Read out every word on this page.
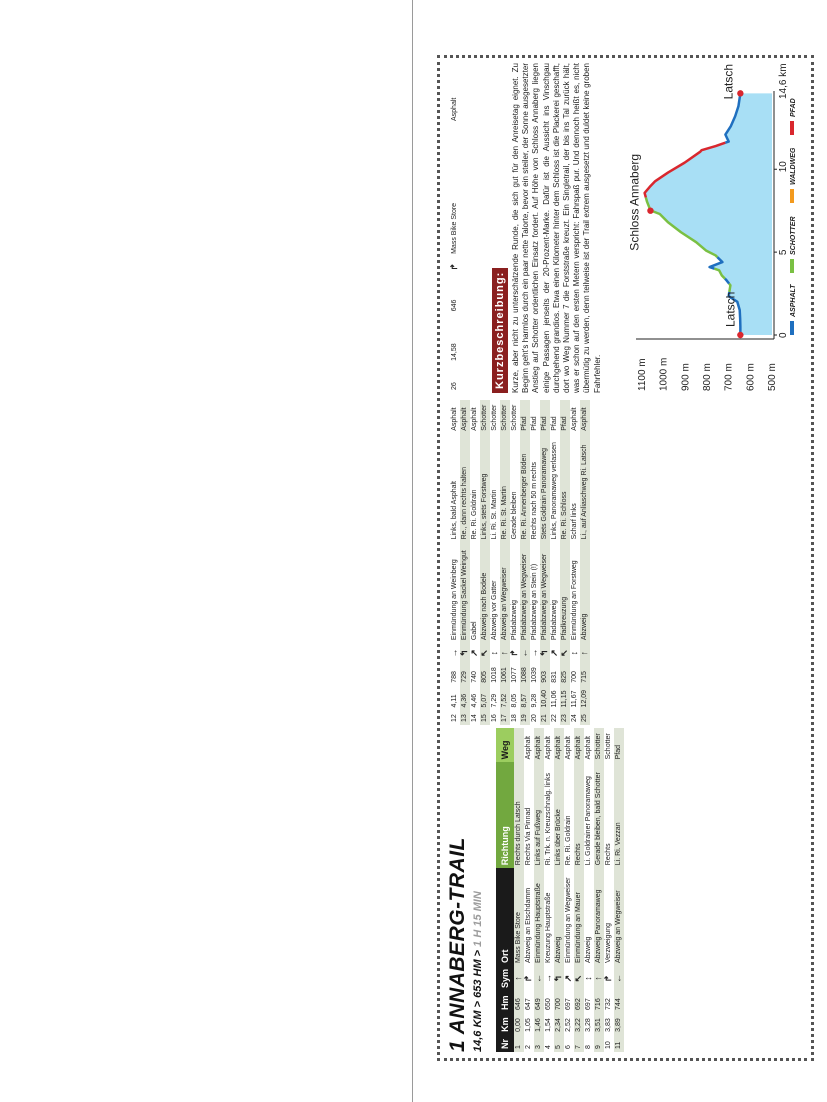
1 ANNABERG-TRAIL 14,6 KM > 653 HM > 1 H 15 MIN
Nr	Km	Hm	Sym	Ort	Richtung	Weg
1	0,00	646	↑	Mass Bike Store	Rechts durch Latsch	
2	1,05	647	↱	Abzweig an Etschdamm	Rechts Via Pinnad	Asphalt
3	1,46	649	←	Einmündung Hauptstraße	Links auf Fußweg	Asphalt
4	1,54	650	→	Kreuzung Hauptstraße	Ri. Trk. n. Kreuzschnalg. links	Asphalt
5	2,34	700	↰	Abzweig	Links über Brücke	Asphalt
6	2,52	697	↗	Einmündung an Wegweiser	Re. Ri. Goldrain	Asphalt
7	3,22	692	↖	Einmündung an Mauer	Rechts	Asphalt
8	3,28	697	↕	Abzweig	Li. Goldrainer Panoramaweg	Asphalt
9	3,51	716	↑	Abzweig Panoramaweg	Gerade bleiben, bald Schotter	Schotter
10	3,83	732	↱	Verzweigung	Rechts	Schotter
11	3,89	744	←	Abzweig an Wegweiser	Li. Ri. Vezzan	Pfad
12	4,11	788	→	Einmündung an Weinberg	Links, bald Asphalt	Asphalt
13	4,36	729	↰	Einmündung Sackel Weingut	Re., dann rechts halten	Asphalt
14	4,46	740	↗	Gabel	Re. Ri. Goldrain	Asphalt
15	5,07	805	↖	Abzweig nach Bodele	Links, stets Forstweg	Schotter
16	7,29	1018	↕	Abzweig vor Gatter	Li. Ri. St. Martin	Schotter
17	7,52	1061	↑	Abzweig an Wegweiser	Re. Ri. St. Martin	Schotter
18	8,05	1077	↱	Pfadabzweig	Gerade bleiben	Schotter
19	8,57	1088	←	Pfadabzweig an Wegweiser	Re. Ri. Annenberger Böden	Pfad
20	9,28	1039	→	Pfadabzweig an Stein (!)	Rechts nach 50 m rechts	Pfad
21	10,40	903	↰	Pfadabzweig an Wegweiser	Stets Goldrain Panoramaweg	Pfad
22	11,06	831	↗	Pfadabzweig	Links, Panoramaweg verlassen	Pfad
23	11,15	825	↖	Pfadkreuzung	Re. Ri. Schloss	Pfad
24	11,67	700	↕	Einmündung an Forstweg	Scharf links	Asphalt
25	12,09	715	↑	Abzweig	Li., auf Anliaschweg Ri. Latsch	Asphalt
26	14,58	646	↱	Mass Bike Store		Asphalt
Kurzbeschreibung: Kurze, aber nicht zu unterschätzende Runde, die sich gut für den Anreisetag eignet. Zu Beginn geht's harmlos durch ein paar nette Talorte, bevor ein steiler, der Sonne ausgesetzter Anstieg auf Schotter ordentlichen Einsatz fordert. Auf Höhe von Schloss Annaberg liegen einige Passagen jenseits der 20-Prozent-Marke. Dafür ist die Aussicht ins Vinschgau durchgehend grandios. Etwa einen Kilometer hinter dem Schloss ist die Plackerei geschafft, dort wo Weg Nummer 7 die Forststraße kreuzt. Ein Singletrail, der bis ins Tal zurück hält, was er schon auf den ersten Metern verspricht: Fahrspaß pur. Und dennoch heißt es, nicht übermütig zu werden, denn teilweise ist der Trail extrem ausgesetzt und duldet keine groben Fahrfehler.	1100 m 1000 m 900 m 800 m 700 m 600 m 500 m
0
5
10
14,6 km
Latsch
Schloss Annaberg
Latsch
ASPHALT
SCHOTTER
WALDWEG
PFAD
